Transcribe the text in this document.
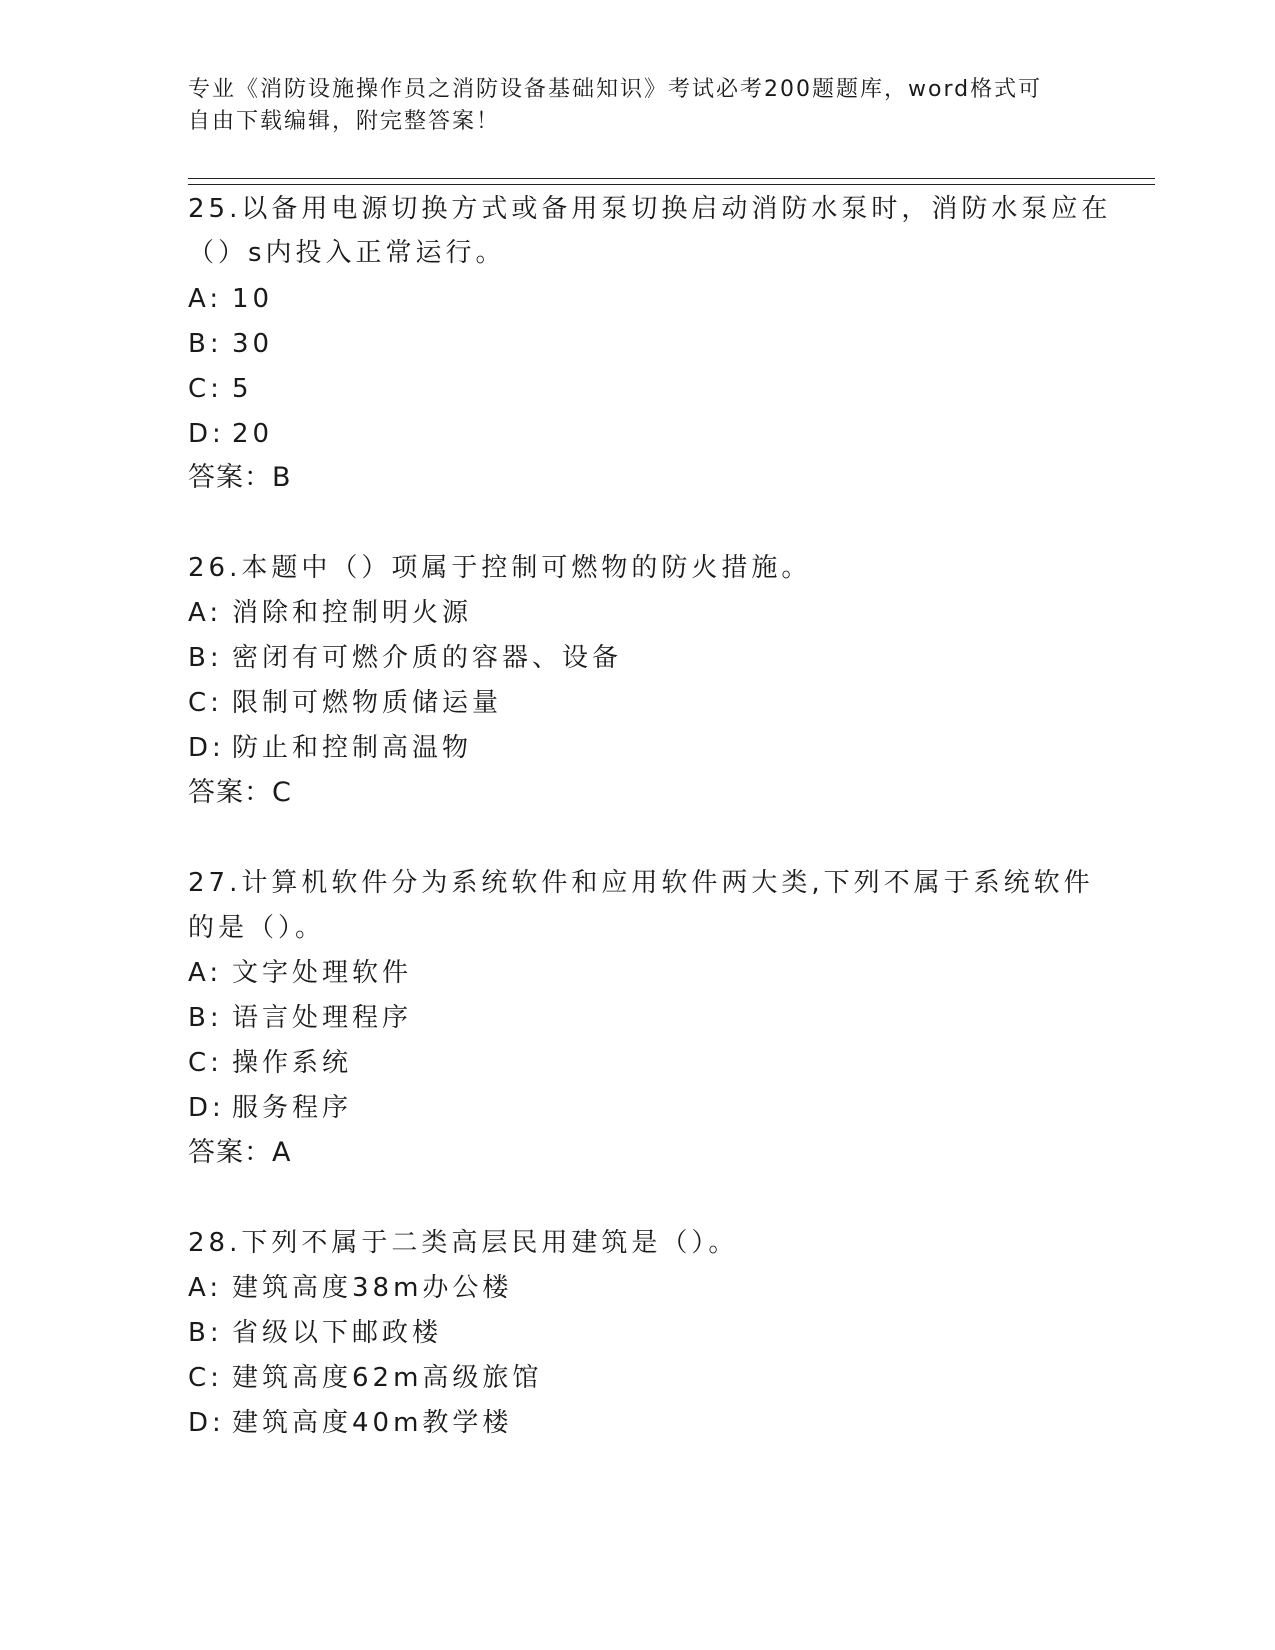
专业《消防设施操作员之消防设备基础知识》考试必考200题题库，word格式可
自由下载编辑，附完整答案！
25.以备用电源切换方式或备用泵切换启动消防水泵时，消防水泵应在
（）s内投入正常运行。
A: 10
B: 30
C: 5
D: 20
答案：B
26.本题中（）项属于控制可燃物的防火措施。
A: 消除和控制明火源
B: 密闭有可燃介质的容器、设备
C: 限制可燃物质储运量
D: 防止和控制高温物
答案：C
27.计算机软件分为系统软件和应用软件两大类,下列不属于系统软件
的是（）。
A: 文字处理软件
B: 语言处理程序
C: 操作系统
D: 服务程序
答案：A
28.下列不属于二类高层民用建筑是（）。
A: 建筑高度38m办公楼
B: 省级以下邮政楼
C: 建筑高度62m高级旅馆
D: 建筑高度40m教学楼
